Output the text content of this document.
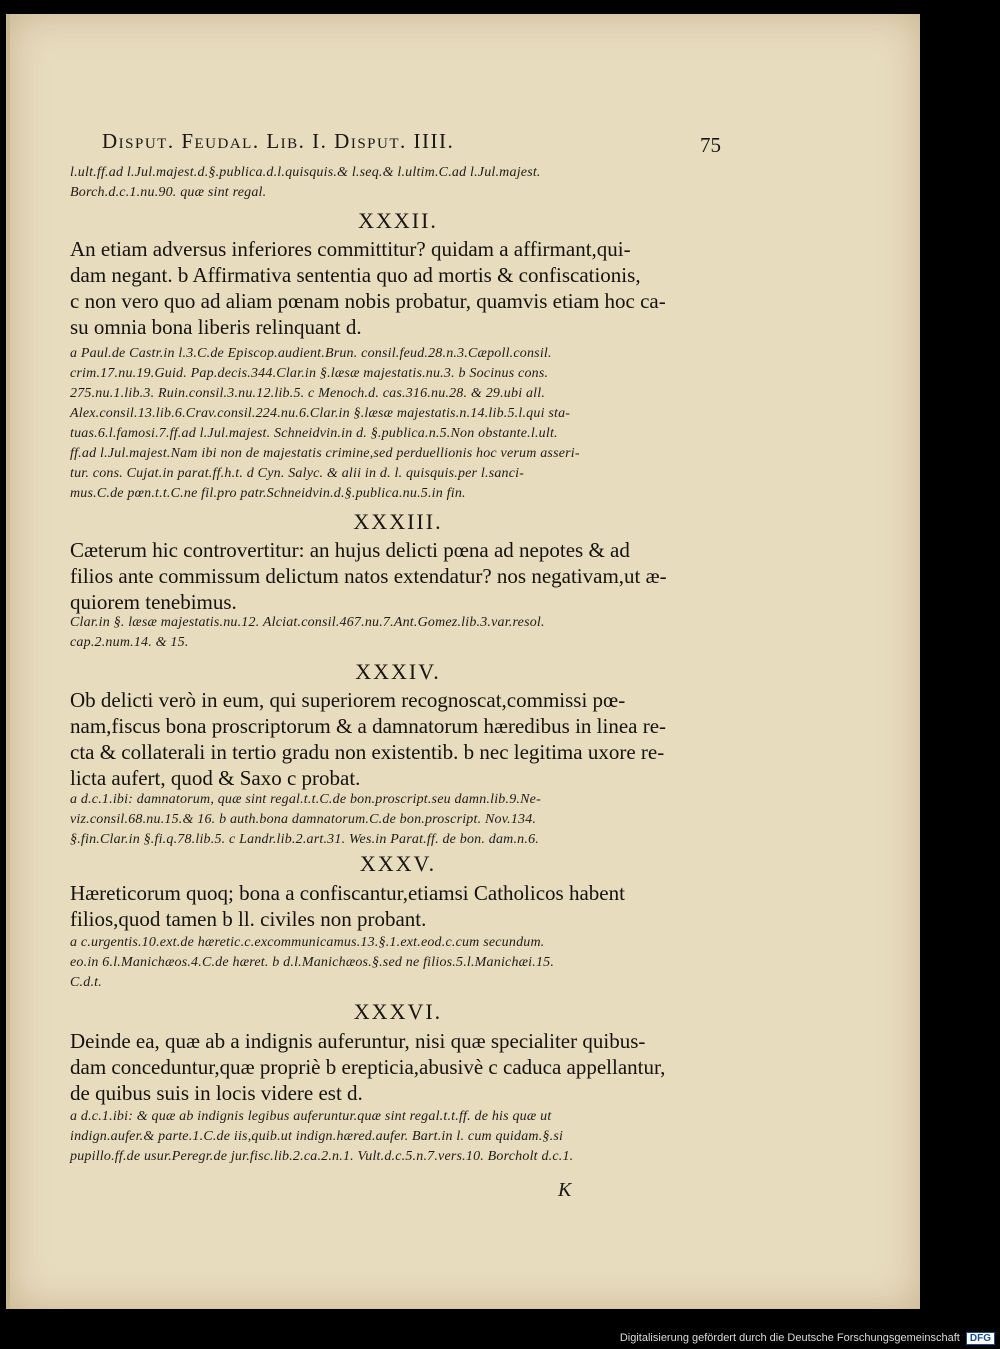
Disput. Feudal. Lib. I. Disput. IIII.	75

l.ult.ff.ad l.Jul.majest.d.§.publica.d.l.quisquis.& l.seq.& l.ultim.C.ad l.Jul.majest.

Borch.d.c.1.nu.90. quæ sint regal.

XXXII.

An etiam adversus inferiores committitur? quidam a affirmant,qui-

dam negant. b Affirmativa sententia quo ad mortis & confiscationis,

c non vero quo ad aliam pœnam nobis probatur, quamvis etiam hoc ca-

su omnia bona liberis relinquant d.

a Paul.de Castr.in l.3.C.de Episcop.audient.Brun. consil.feud.28.n.3.Cæpoll.consil.

crim.17.nu.19.Guid. Pap.decis.344.Clar.in §.læsæ majestatis.nu.3. b Socinus cons.

275.nu.1.lib.3. Ruin.consil.3.nu.12.lib.5. c Menoch.d. cas.316.nu.28. & 29.ubi all.

Alex.consil.13.lib.6.Crav.consil.224.nu.6.Clar.in §.læsæ majestatis.n.14.lib.5.l.qui sta-

tuas.6.l.famosi.7.ff.ad l.Jul.majest. Schneidvin.in d. §.publica.n.5.Non obstante.l.ult.

ff.ad l.Jul.majest.Nam ibi non de majestatis crimine,sed perduellionis hoc verum asseri-

tur. cons. Cujat.in parat.ff.h.t. d Cyn. Salyc. & alii in d. l. quisquis.per l.sanci-

mus.C.de pœn.t.t.C.ne fil.pro patr.Schneidvin.d.§.publica.nu.5.in fin.

XXXIII.

Cæterum hic controvertitur: an hujus delicti pœna ad nepotes & ad

filios ante commissum delictum natos extendatur? nos negativam,ut æ-

quiorem tenebimus.

Clar.in §. læsæ majestatis.nu.12. Alciat.consil.467.nu.7.Ant.Gomez.lib.3.var.resol.

cap.2.num.14. & 15.

XXXIV.

Ob delicti verò in eum, qui superiorem recognoscat,commissi pœ-

nam,fiscus bona proscriptorum & a damnatorum hæredibus in linea re-

cta & collaterali in tertio gradu non existentib. b nec legitima uxore re-

licta aufert, quod & Saxo c probat.

a d.c.1.ibi: damnatorum, quæ sint regal.t.t.C.de bon.proscript.seu damn.lib.9.Ne-

viz.consil.68.nu.15.& 16. b auth.bona damnatorum.C.de bon.proscript. Nov.134.

§.fin.Clar.in §.fi.q.78.lib.5. c Landr.lib.2.art.31. Wes.in Parat.ff. de bon. dam.n.6.

XXXV.

Hæreticorum quoq; bona a confiscantur,etiamsi Catholicos habent

filios,quod tamen b ll. civiles non probant.

a c.urgentis.10.ext.de hæretic.c.excommunicamus.13.§.1.ext.eod.c.cum secundum.

eo.in 6.l.Manichæos.4.C.de hæret. b d.l.Manichæos.§.sed ne filios.5.l.Manichæi.15.

C.d.t.

XXXVI.

Deinde ea, quæ ab a indignis auferuntur, nisi quæ specialiter quibus-

dam conceduntur,quæ propriè b erepticia,abusivè c caduca appellantur,

de quibus suis in locis videre est d.

a d.c.1.ibi: & quæ ab indignis legibus auferuntur.quæ sint regal.t.t.ff. de his quæ ut

indign.aufer.& parte.1.C.de iis,quib.ut indign.hæred.aufer. Bart.in l. cum quidam.§.si

pupillo.ff.de usur.Peregr.de jur.fisc.lib.2.ca.2.n.1. Vult.d.c.5.n.7.vers.10. Borcholt d.c.1.

K
Digitalisierung gefördert durch die Deutsche Forschungsgemeinschaft DFG
